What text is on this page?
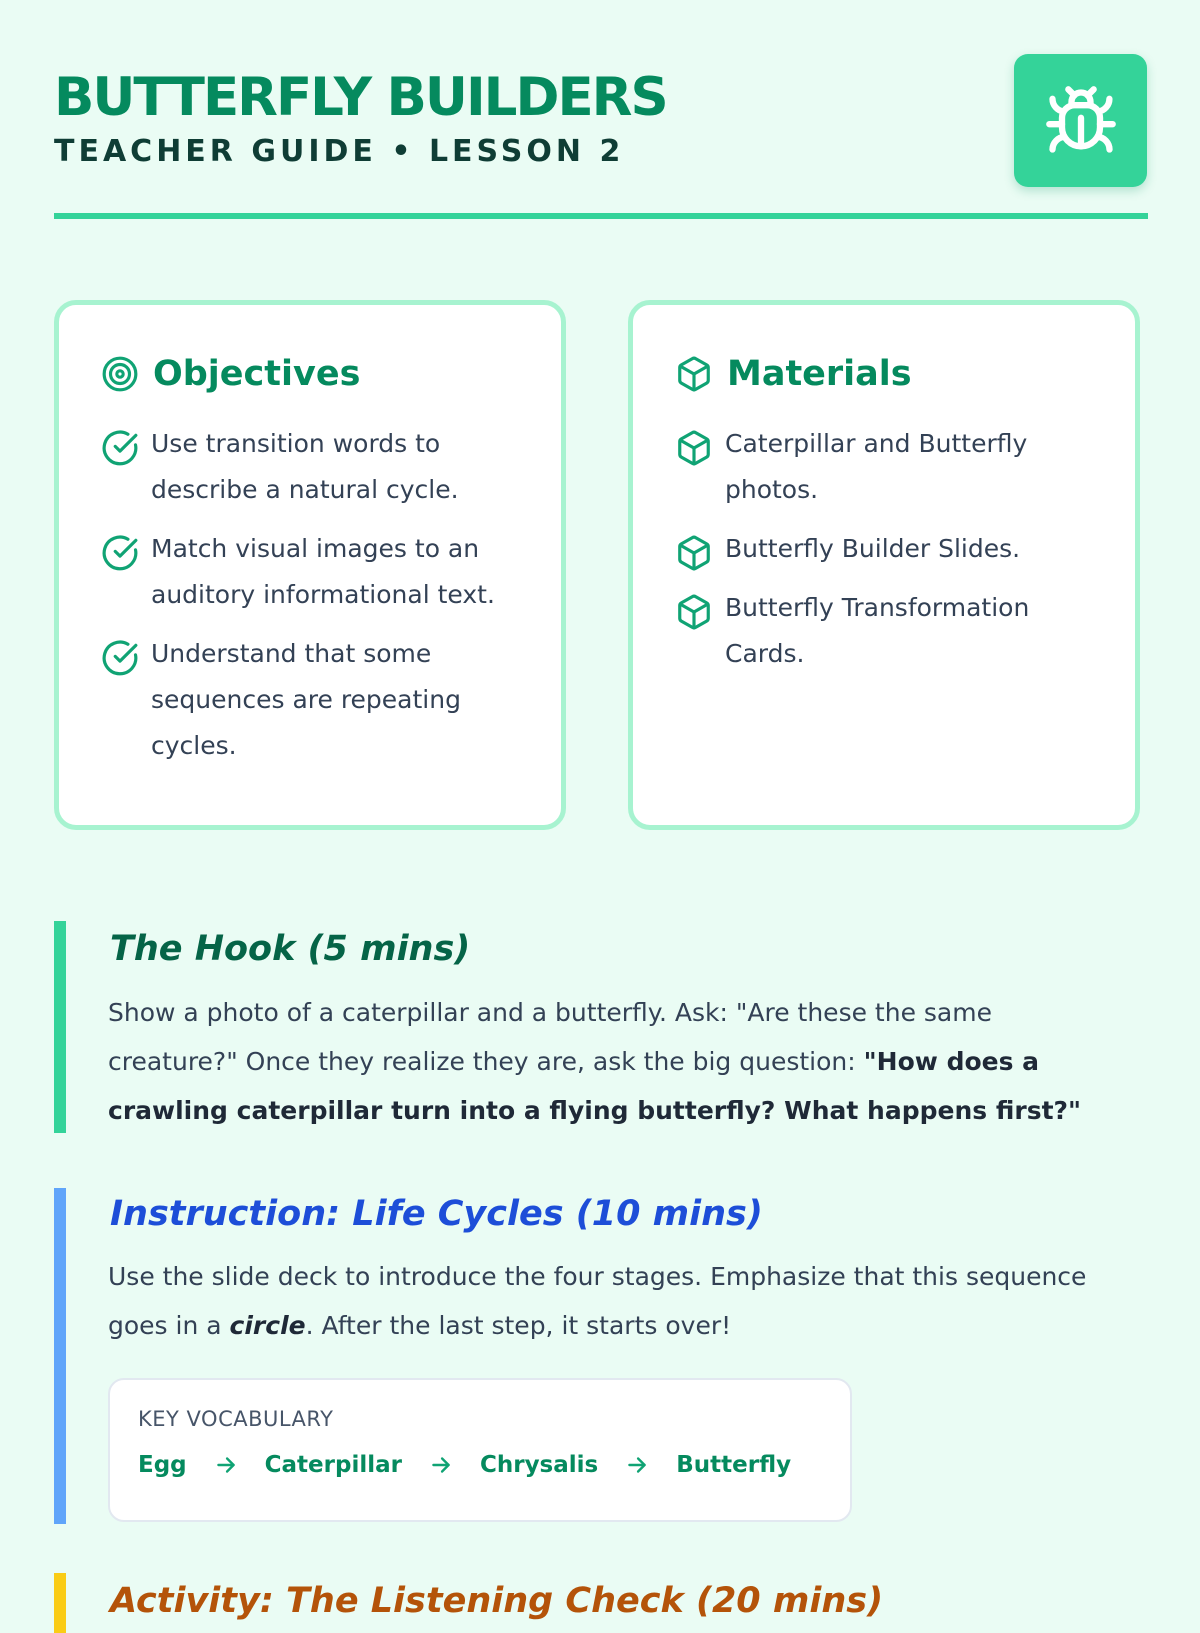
BUTTERFLY BUILDERS

TEACHER GUIDE • LESSON 2

Objectives
Use transition words to
describe a natural cycle.
Match visual images to an
auditory informational text.
Understand that some
sequences are repeating
cycles.
Materials
Caterpillar and Butterfly
photos.
Butterfly Builder Slides.
Butterfly Transformation
Cards.
The Hook (5 mins)

Show a photo of a caterpillar and a butterfly. Ask: "Are these the same
creature?" Once they realize they are, ask the big question: "How does a
crawling caterpillar turn into a flying butterfly? What happens first?"

Instruction: Life Cycles (10 mins)

Use the slide deck to introduce the four stages. Emphasize that this sequence
goes in a circle. After the last step, it starts over!

KEY VOCABULARY
Egg	Caterpillar	Chrysalis	Butterfly
Activity: The Listening Check (20 mins)
